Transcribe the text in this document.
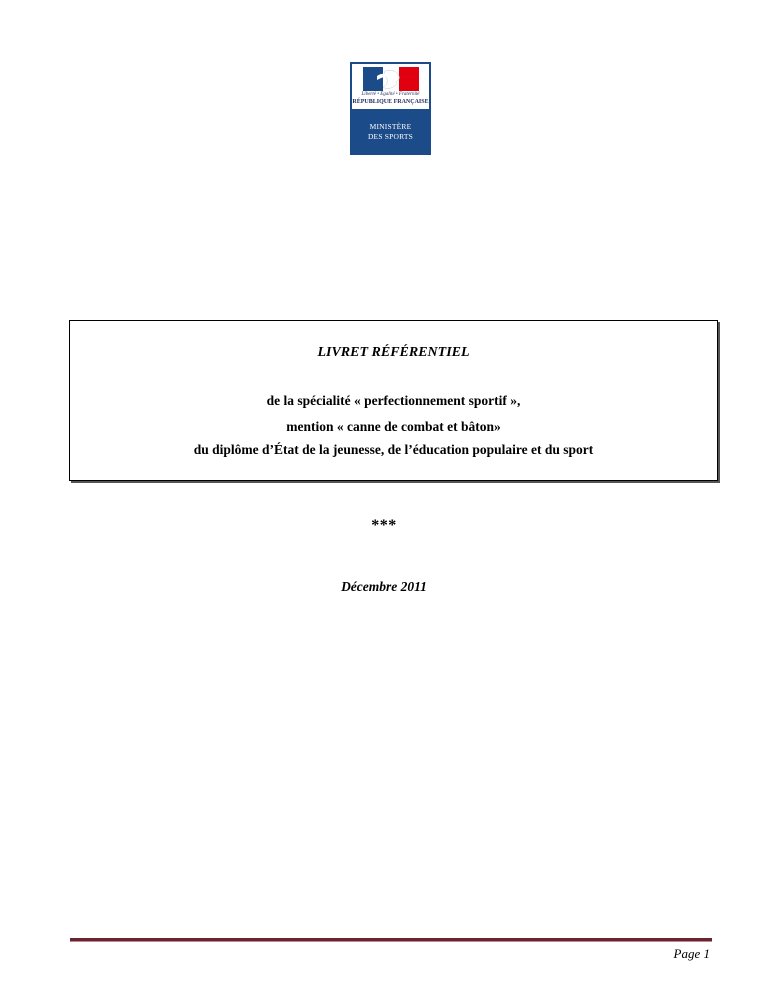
Liberté • Égalité • Fraternité
RÉPUBLIQUE FRANÇAISE
MINISTÈRE
DES SPORTS

LIVRET RÉFÉRENTIEL

de la spécialité « perfectionnement sportif »,

mention « canne de combat et bâton»

du diplôme d’État de la jeunesse, de l’éducation populaire et du sport

***
Décembre 2011
Page 1
